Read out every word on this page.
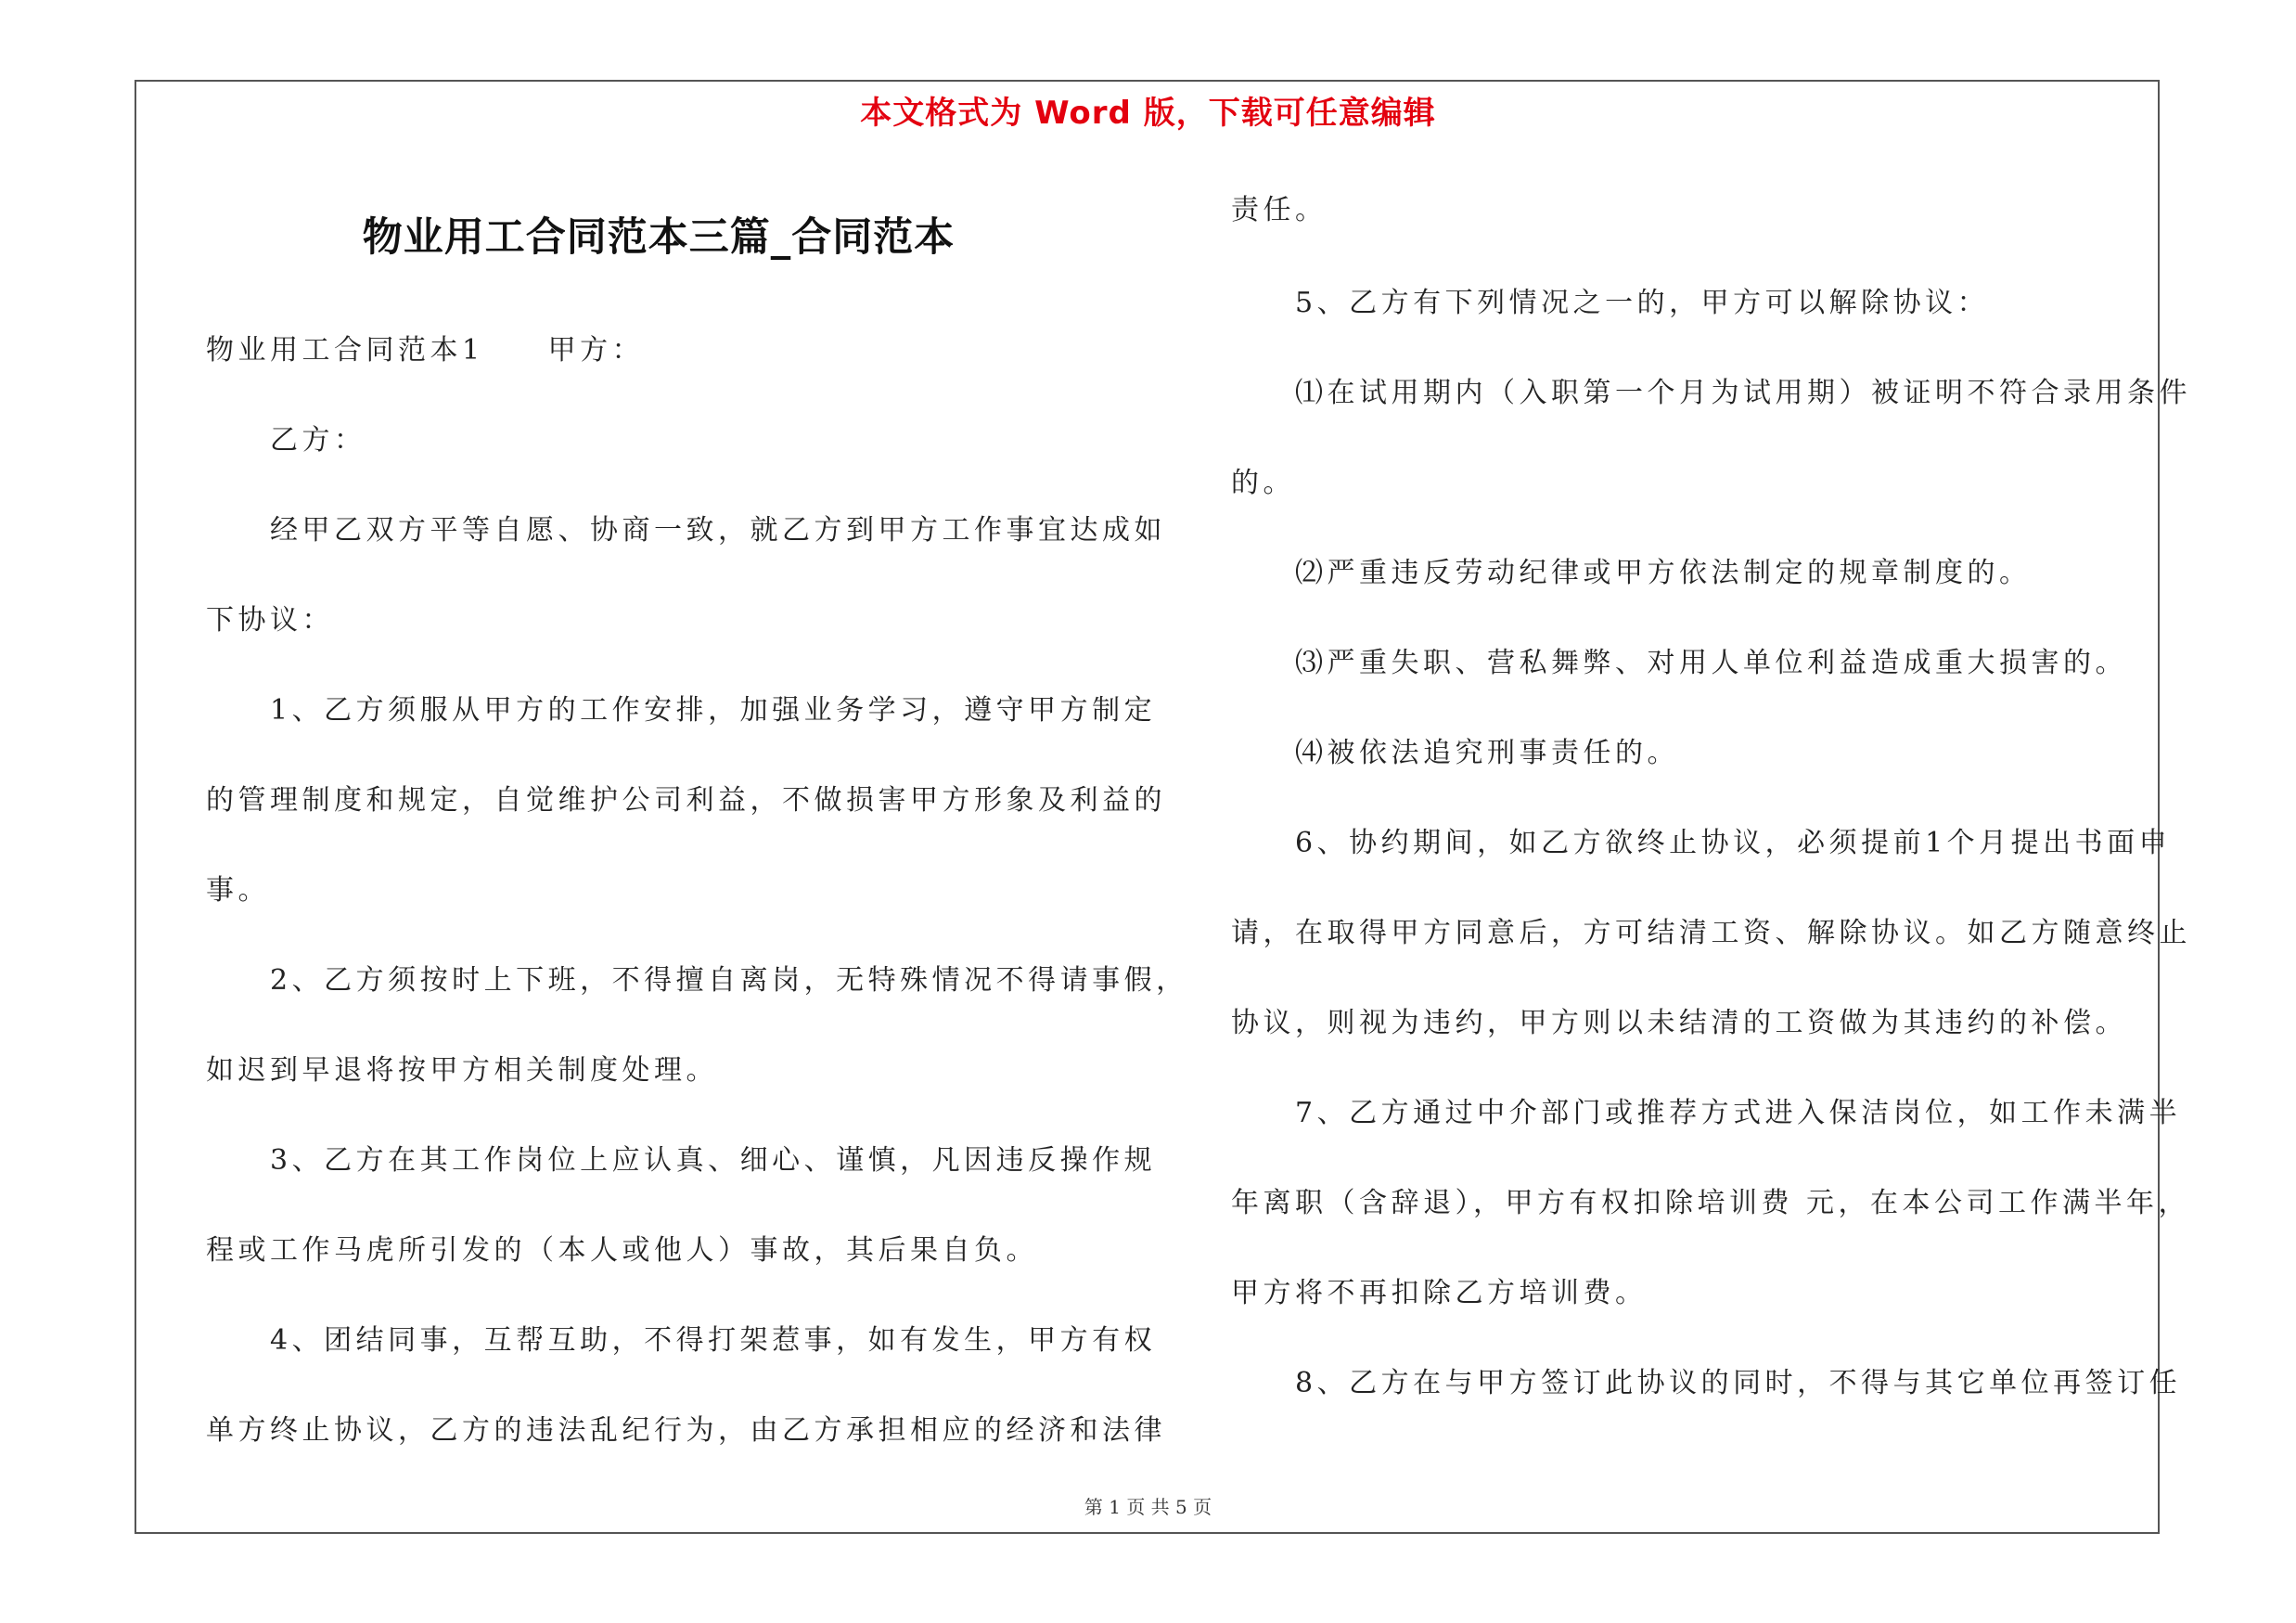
本文格式为 Word 版，下载可任意编辑
物业用工合同范本三篇_合同范本
物业用工合同范本1　　甲方：
　　乙方：
　　经甲乙双方平等自愿、协商一致，就乙方到甲方工作事宜达成如
下协议：
　　1、乙方须服从甲方的工作安排，加强业务学习，遵守甲方制定
的管理制度和规定，自觉维护公司利益，不做损害甲方形象及利益的
事。
　　2、乙方须按时上下班，不得擅自离岗，无特殊情况不得请事假，
如迟到早退将按甲方相关制度处理。
　　3、乙方在其工作岗位上应认真、细心、谨慎，凡因违反操作规
程或工作马虎所引发的（本人或他人）事故，其后果自负。
　　4、团结同事，互帮互助，不得打架惹事，如有发生，甲方有权
单方终止协议，乙方的违法乱纪行为，由乙方承担相应的经济和法律
责任。
　　5、乙方有下列情况之一的，甲方可以解除协议：
　　⑴在试用期内（入职第一个月为试用期）被证明不符合录用条件
的。
　　⑵严重违反劳动纪律或甲方依法制定的规章制度的。
　　⑶严重失职、营私舞弊、对用人单位利益造成重大损害的。
　　⑷被依法追究刑事责任的。
　　6、协约期间，如乙方欲终止协议，必须提前1个月提出书面申
请，在取得甲方同意后，方可结清工资、解除协议。如乙方随意终止
协议，则视为违约，甲方则以未结清的工资做为其违约的补偿。
　　7、乙方通过中介部门或推荐方式进入保洁岗位，如工作未满半
年离职（含辞退），甲方有权扣除培训费 元，在本公司工作满半年，
甲方将不再扣除乙方培训费。
　　8、乙方在与甲方签订此协议的同时，不得与其它单位再签订任
第 1 页 共 5 页
